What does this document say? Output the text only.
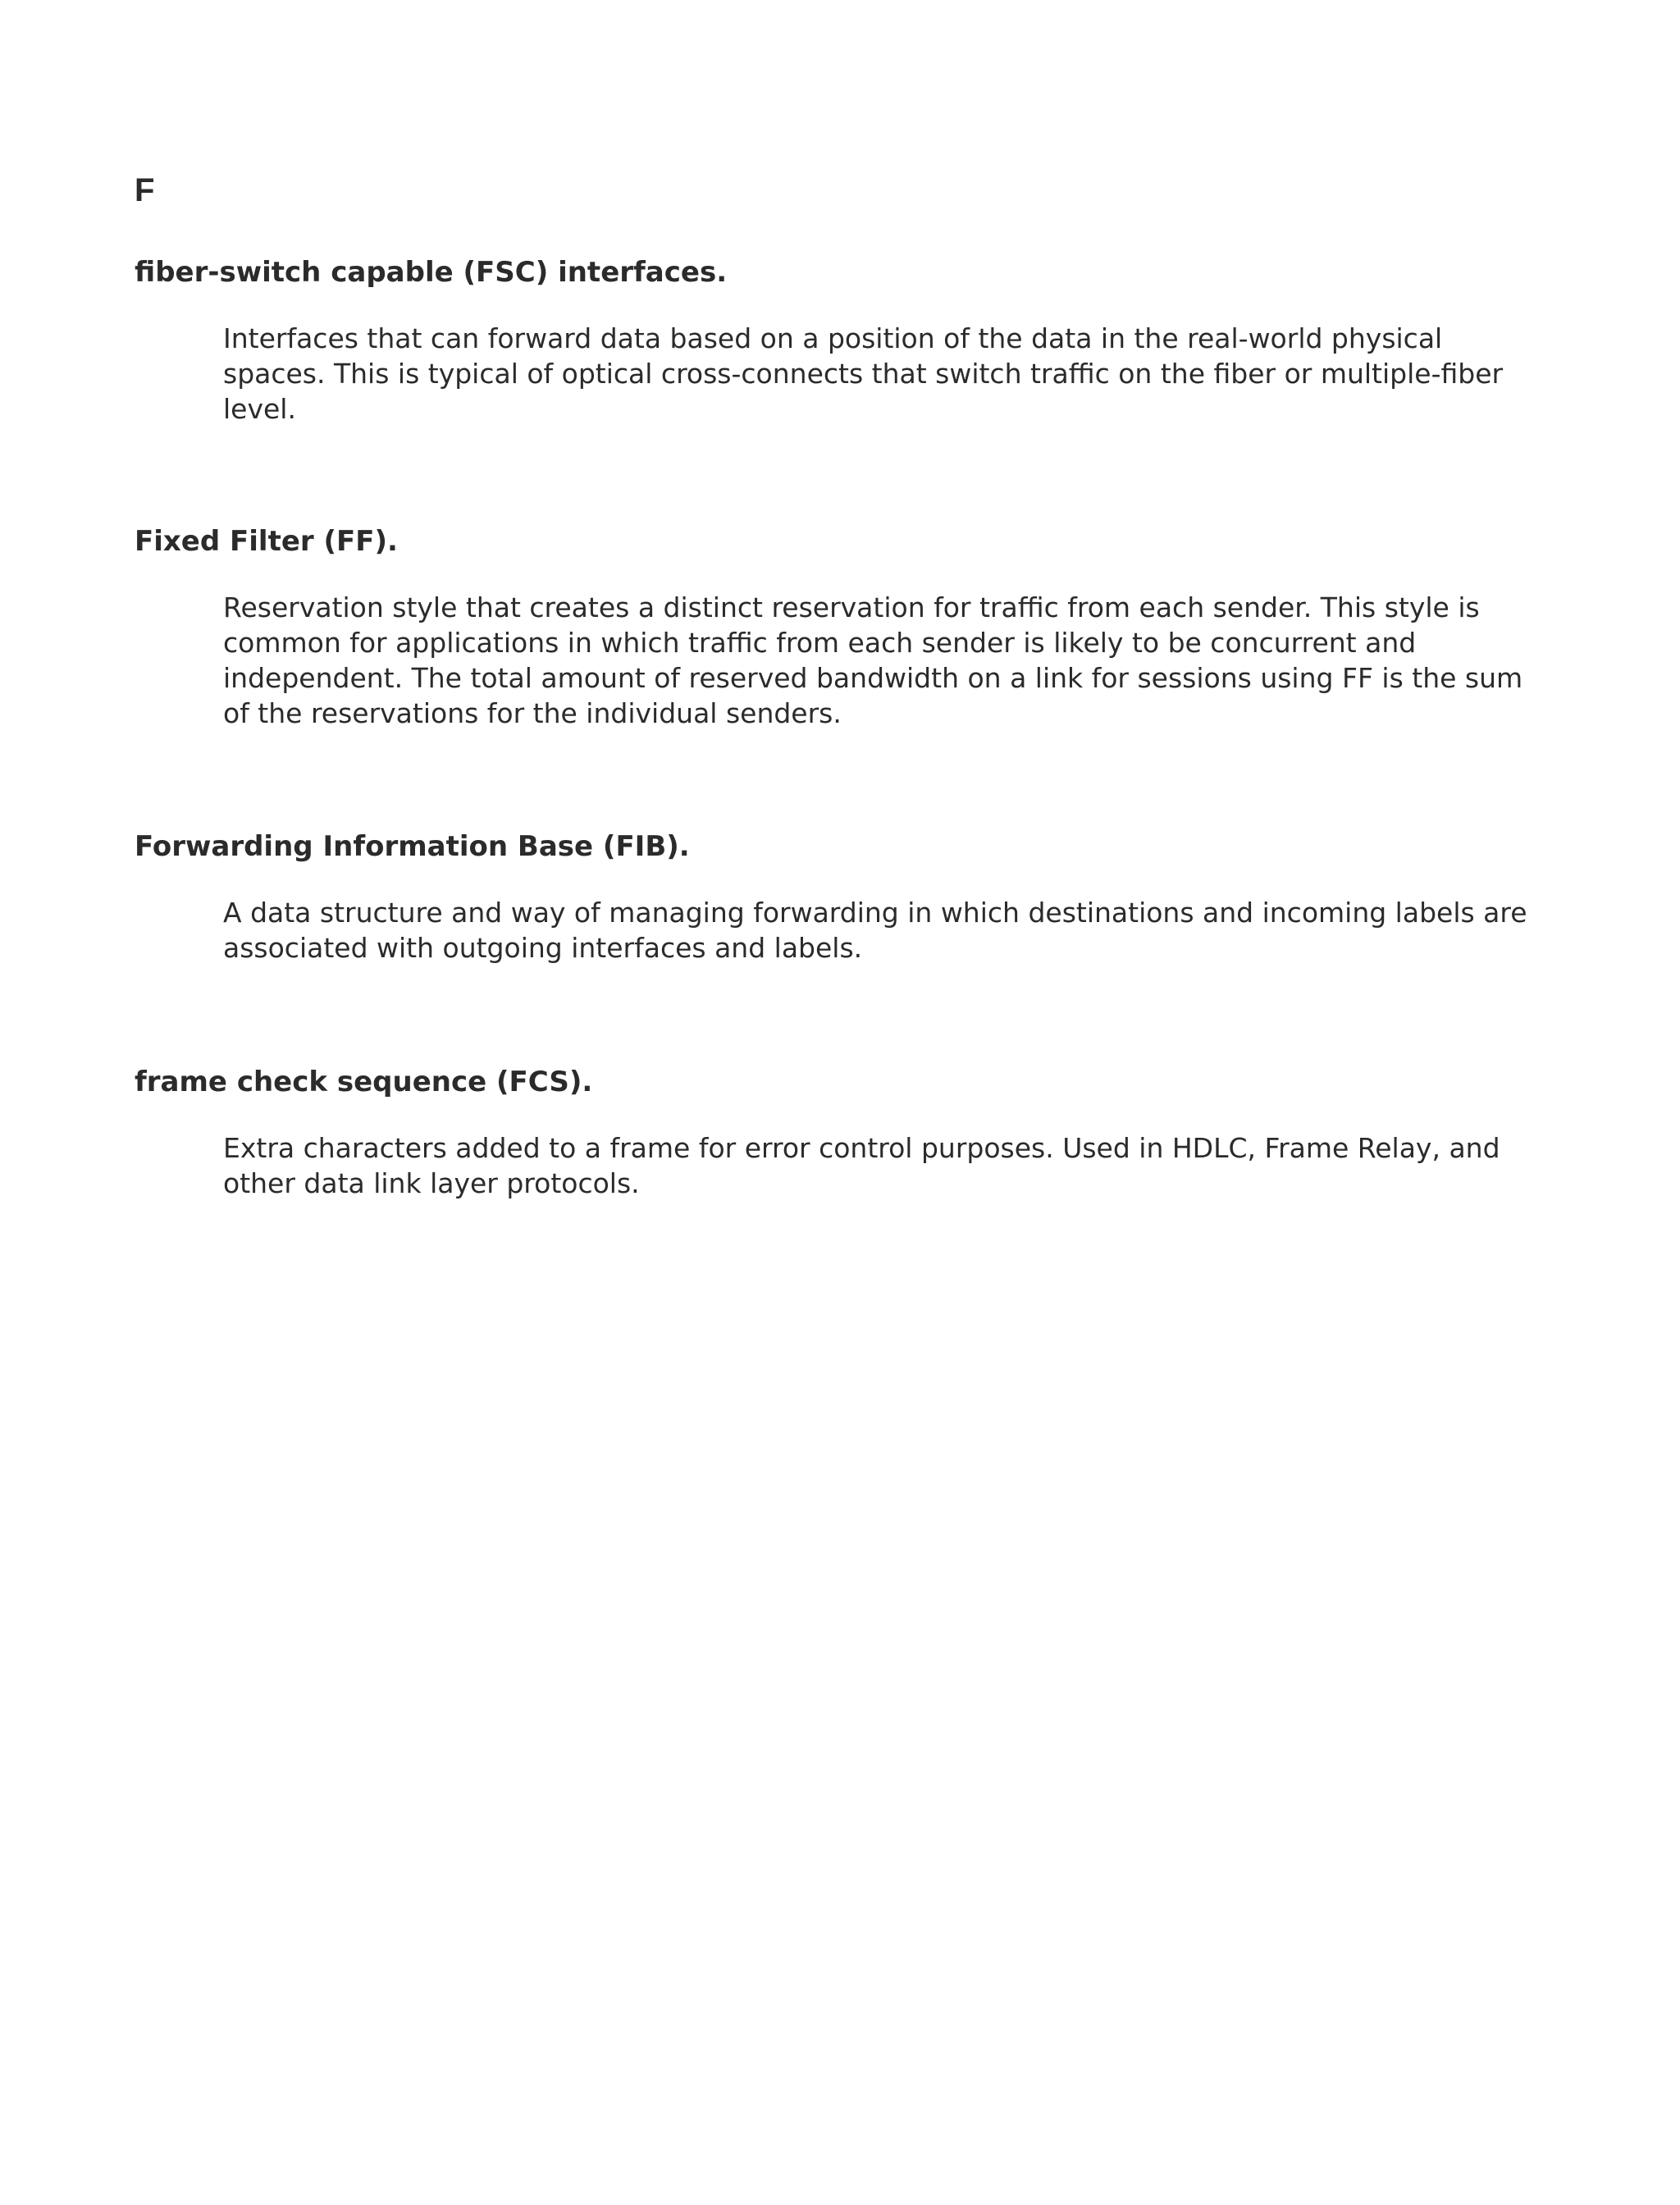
F
fiber-switch capable (FSC) interfaces.

Interfaces that can forward data based on a position of the data in the real-world physical spaces. This is typical of optical cross-connects that switch traffic on the fiber or multiple-fiber level.

Fixed Filter (FF).

Reservation style that creates a distinct reservation for traffic from each sender. This style is common for applications in which traffic from each sender is likely to be concurrent and independent. The total amount of reserved bandwidth on a link for sessions using FF is the sum of the reservations for the individual senders.

Forwarding Information Base (FIB).

A data structure and way of managing forwarding in which destinations and incoming labels are associated with outgoing interfaces and labels.

frame check sequence (FCS).

Extra characters added to a frame for error control purposes. Used in HDLC, Frame Relay, and other data link layer protocols.
